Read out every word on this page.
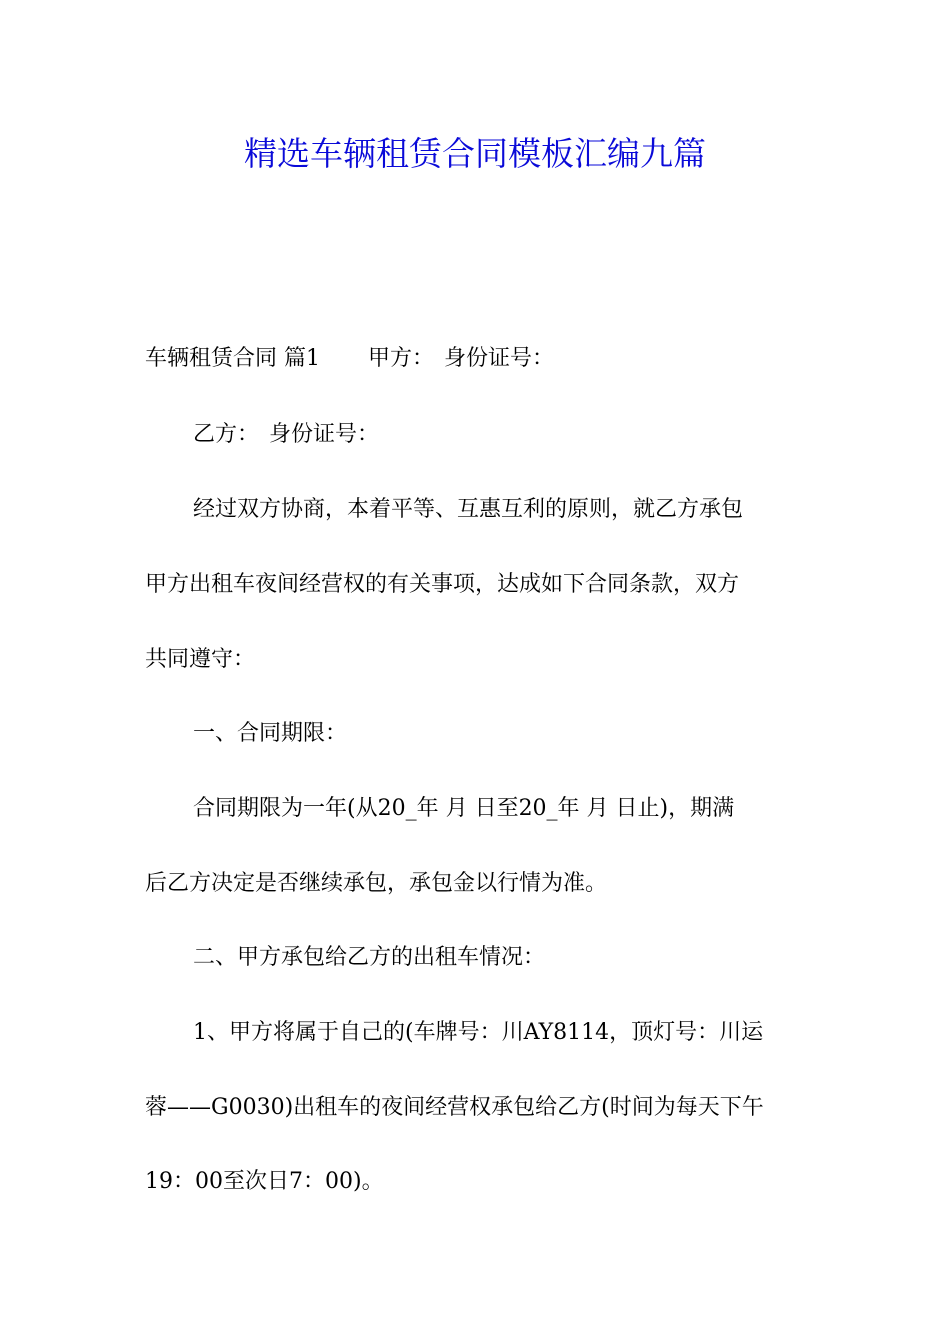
精选车辆租赁合同模板汇编九篇
车辆租赁合同 篇1 甲方： 身份证号：
乙方： 身份证号：
经过双方协商，本着平等、互惠互利的原则，就乙方承包
甲方出租车夜间经营权的有关事项，达成如下合同条款，双方
共同遵守：
一、合同期限：
合同期限为一年(从20_年 月 日至20_年 月 日止)，期满
后乙方决定是否继续承包，承包金以行情为准。
二、甲方承包给乙方的出租车情况：
1、甲方将属于自己的(车牌号：川AY8114，顶灯号：川运
蓉——G0030)出租车的夜间经营权承包给乙方(时间为每天下午
19：00至次日7：00)。
